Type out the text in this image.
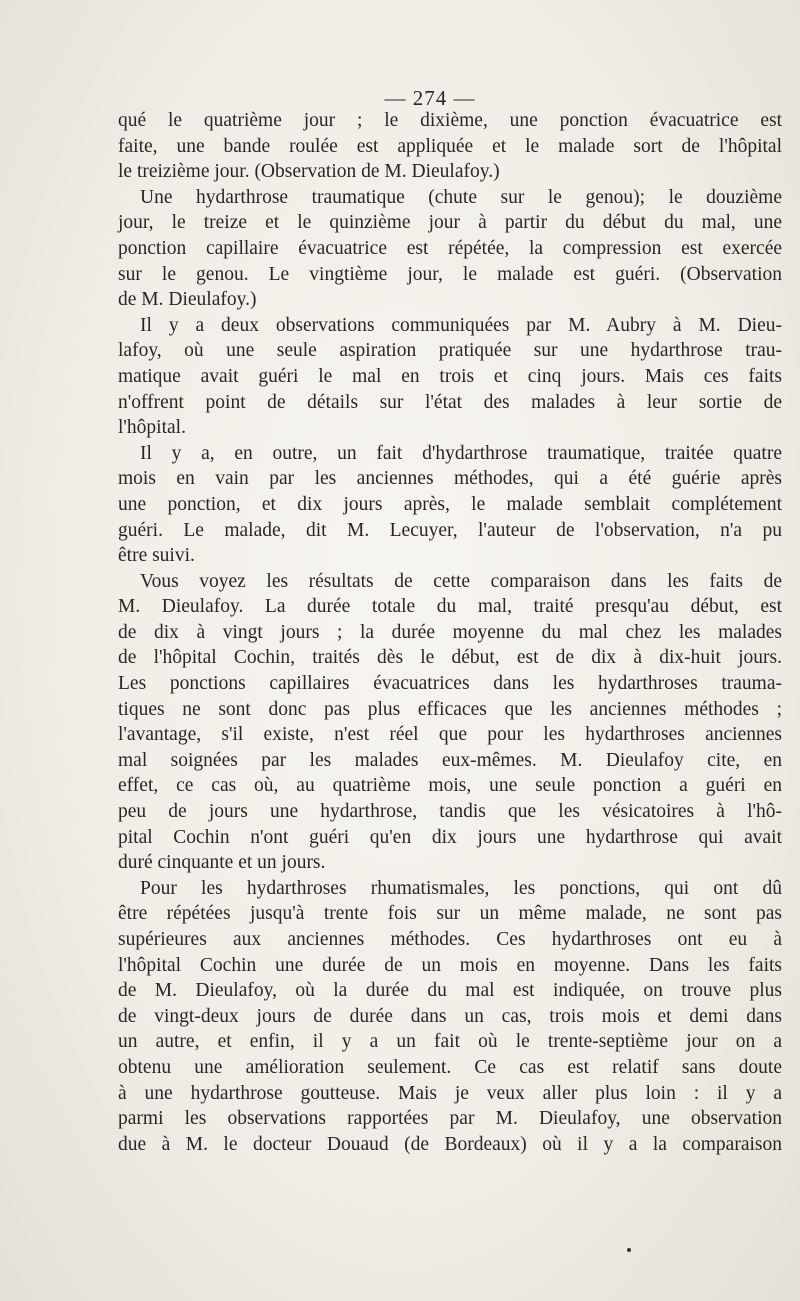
— 274 —
qué le quatrième jour ; le dixième, une ponction évacuatrice est
faite, une bande roulée est appliquée et le malade sort de l'hôpital
le treizième jour. (Observation de M. Dieulafoy.)
Une hydarthrose traumatique (chute sur le genou); le douzième
jour, le treize et le quinzième jour à partir du début du mal, une
ponction capillaire évacuatrice est répétée, la compression est exercée
sur le genou. Le vingtième jour, le malade est guéri. (Observation
de M. Dieulafoy.)
Il y a deux observations communiquées par M. Aubry à M. Dieu-
lafoy, où une seule aspiration pratiquée sur une hydarthrose trau-
matique avait guéri le mal en trois et cinq jours. Mais ces faits
n'offrent point de détails sur l'état des malades à leur sortie de
l'hôpital.
Il y a, en outre, un fait d'hydarthrose traumatique, traitée quatre
mois en vain par les anciennes méthodes, qui a été guérie après
une ponction, et dix jours après, le malade semblait complétement
guéri. Le malade, dit M. Lecuyer, l'auteur de l'observation, n'a pu
être suivi.
Vous voyez les résultats de cette comparaison dans les faits de
M. Dieulafoy. La durée totale du mal, traité presqu'au début, est
de dix à vingt jours ; la durée moyenne du mal chez les malades
de l'hôpital Cochin, traités dès le début, est de dix à dix-huit jours.
Les ponctions capillaires évacuatrices dans les hydarthroses trauma-
tiques ne sont donc pas plus efficaces que les anciennes méthodes ;
l'avantage, s'il existe, n'est réel que pour les hydarthroses anciennes
mal soignées par les malades eux-mêmes. M. Dieulafoy cite, en
effet, ce cas où, au quatrième mois, une seule ponction a guéri en
peu de jours une hydarthrose, tandis que les vésicatoires à l'hô-
pital Cochin n'ont guéri qu'en dix jours une hydarthrose qui avait
duré cinquante et un jours.
Pour les hydarthroses rhumatismales, les ponctions, qui ont dû
être répétées jusqu'à trente fois sur un même malade, ne sont pas
supérieures aux anciennes méthodes. Ces hydarthroses ont eu à
l'hôpital Cochin une durée de un mois en moyenne. Dans les faits
de M. Dieulafoy, où la durée du mal est indiquée, on trouve plus
de vingt-deux jours de durée dans un cas, trois mois et demi dans
un autre, et enfin, il y a un fait où le trente-septième jour on a
obtenu une amélioration seulement. Ce cas est relatif sans doute
à une hydarthrose goutteuse. Mais je veux aller plus loin : il y a
parmi les observations rapportées par M. Dieulafoy, une observation
due à M. le docteur Douaud (de Bordeaux) où il y a la comparaison
